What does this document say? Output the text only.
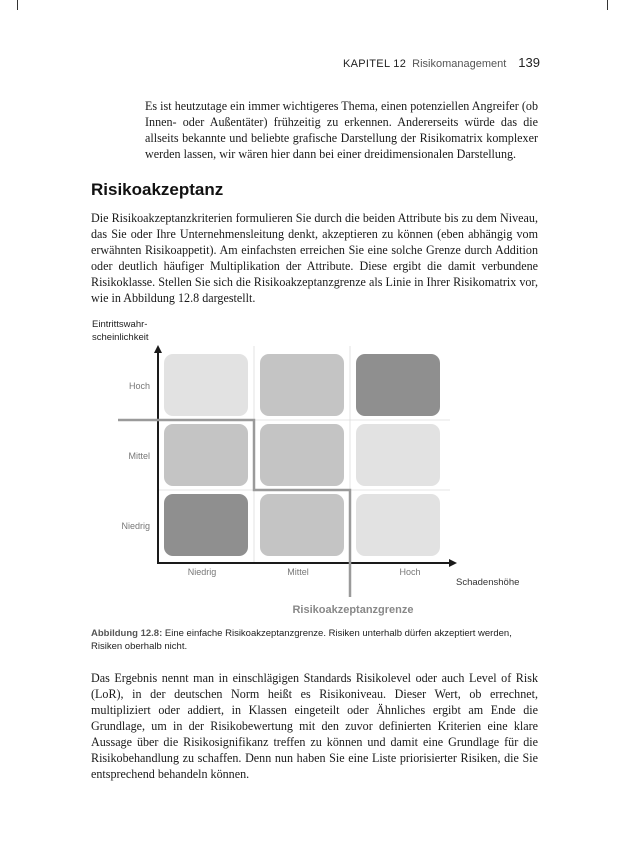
KAPITEL 12 Risikomanagement 139

Es ist heutzutage ein immer wichtigeres Thema, einen potenziellen Angreifer (ob Innen- oder Außentäter) frühzeitig zu erkennen. Andererseits würde das die allseits bekannte und beliebte grafische Darstellung der Risikomatrix komplexer werden lassen, wir wären hier dann bei einer dreidimensionalen Darstellung.

Risikoakzeptanz

Die Risikoakzeptanzkriterien formulieren Sie durch die beiden Attribute bis zu dem Niveau, das Sie oder Ihre Unternehmensleitung denkt, akzeptieren zu können (eben abhängig vom erwähnten Risikoappetit). Am einfachsten erreichen Sie eine solche Grenze durch Addition oder deutlich häufiger Multiplikation der Attribute. Diese ergibt die damit verbundene Risikoklasse. Stellen Sie sich die Risikoakzeptanzgrenze als Linie in Ihrer Risikomatrix vor, wie in Abbildung 12.8 dargestellt.

Eintrittswahr-
scheinlichkeit
Hoch
Mittel
Niedrig
Niedrig	Mittel	Hoch
Schadenshöhe
Risikoakzeptanzgrenze

Abbildung 12.8: Eine einfache Risikoakzeptanzgrenze. Risiken unterhalb dürfen akzeptiert werden, Risiken oberhalb nicht.

Das Ergebnis nennt man in einschlägigen Standards Risikolevel oder auch Level of Risk (LoR), in der deutschen Norm heißt es Risikoniveau. Dieser Wert, ob errechnet, multipliziert oder addiert, in Klassen eingeteilt oder Ähnliches ergibt am Ende die Grundlage, um in der Risikobewertung mit den zuvor definierten Kriterien eine klare Aussage über die Risikosignifikanz treffen zu können und damit eine Grundlage für die Risikobehandlung zu schaffen. Denn nun haben Sie eine Liste priorisierter Risiken, die Sie entsprechend behandeln können.
